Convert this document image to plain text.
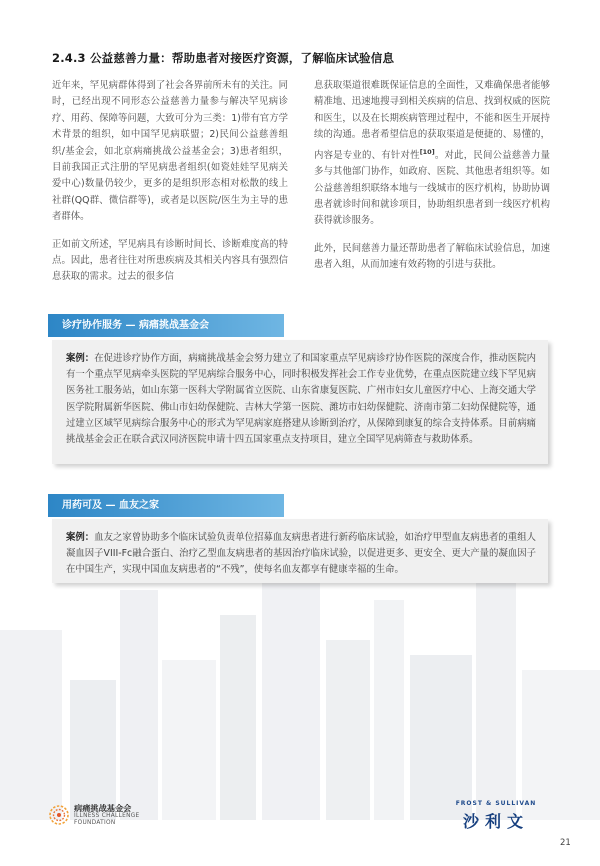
2.4.3 公益慈善力量：帮助患者对接医疗资源，了解临床试验信息

近年来，罕见病群体得到了社会各界前所未有的关注。同时，已经出现不同形态公益慈善力量参与解决罕见病诊疗、用药、保障等问题，大致可分为三类：1)带有官方学术背景的组织，如中国罕见病联盟；2)民间公益慈善组织/基金会，如北京病痛挑战公益基金会；3)患者组织，目前我国正式注册的罕见病患者组织(如瓷娃娃罕见病关爱中心)数量仍较少，更多的是组织形态相对松散的线上社群(QQ群、微信群等)，或者是以医院/医生为主导的患者群体。

正如前文所述，罕见病具有诊断时间长、诊断难度高的特点。因此，患者往往对所患疾病及其相关内容具有强烈信息获取的需求。过去的很多信

息获取渠道很难既保证信息的全面性，又难确保患者能够精准地、迅速地搜寻到相关疾病的信息、找到权威的医院和医生，以及在长期疾病管理过程中，不能和医生开展持续的沟通。患者希望信息的获取渠道是便捷的、易懂的，内容是专业的、有针对性[10]。对此，民间公益慈善力量多与其他部门协作，如政府、医院、其他患者组织等。如公益慈善组织联络本地与一线城市的医疗机构，协助协调患者就诊时间和就诊项目，协助组织患者到一线医疗机构获得就诊服务。

此外，民间慈善力量还帮助患者了解临床试验信息，加速患者入组，从而加速有效药物的引进与获批。

诊疗协作服务 — 病痛挑战基金会
案例：在促进诊疗协作方面，病痛挑战基金会努力建立了和国家重点罕见病诊疗协作医院的深度合作，推动医院内有一个重点罕见病牵头医院的罕见病综合服务中心，同时积极发挥社会工作专业优势，在重点医院建立线下罕见病医务社工服务站，如山东第一医科大学附属省立医院、山东省康复医院、广州市妇女儿童医疗中心、上海交通大学医学院附属新华医院、佛山市妇幼保健院、吉林大学第一医院、潍坊市妇幼保健院、济南市第二妇幼保健院等，通过建立区域罕见病综合服务中心的形式为罕见病家庭搭建从诊断到治疗，从保障到康复的综合支持体系。目前病痛挑战基金会正在联合武汉同济医院申请十四五国家重点支持项目，建立全国罕见病筛查与救助体系。
用药可及 — 血友之家
案例：血友之家曾协助多个临床试验负责单位招募血友病患者进行新药临床试验，如治疗甲型血友病患者的重组人凝血因子VIII-Fc融合蛋白、治疗乙型血友病患者的基因治疗临床试验，以促进更多、更安全、更大产量的凝血因子在中国生产，实现中国血友病患者的“不残”，使每名血友都享有健康幸福的生命。
病痛挑战基金会
ILLNESS CHALLENGE
FOUNDATION
FROST & SULLIVAN
沙利文
21
